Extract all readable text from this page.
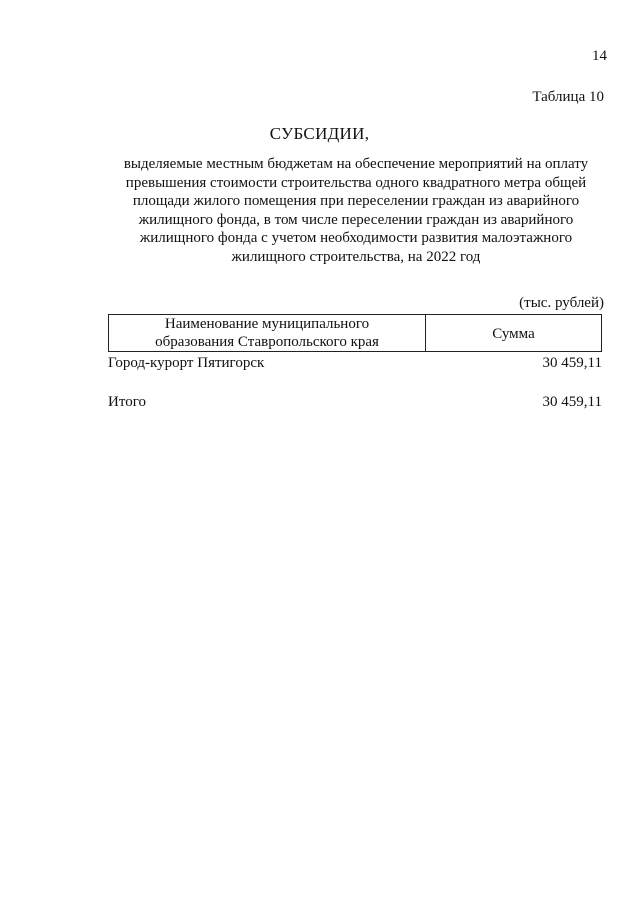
14
Таблица 10
СУБСИДИИ,
выделяемые местным бюджетам на обеспечение мероприятий на оплату
превышения стоимости строительства одного квадратного метра общей
площади жилого помещения при переселении граждан из аварийного
жилищного фонда, в том числе переселении граждан из аварийного
жилищного фонда с учетом необходимости развития малоэтажного
жилищного строительства, на 2022 год
(тыс. рублей)
Наименование муниципального
образования Ставропольского края	Сумма
Город-курорт Пятигорск	30 459,11
Итого	30 459,11
